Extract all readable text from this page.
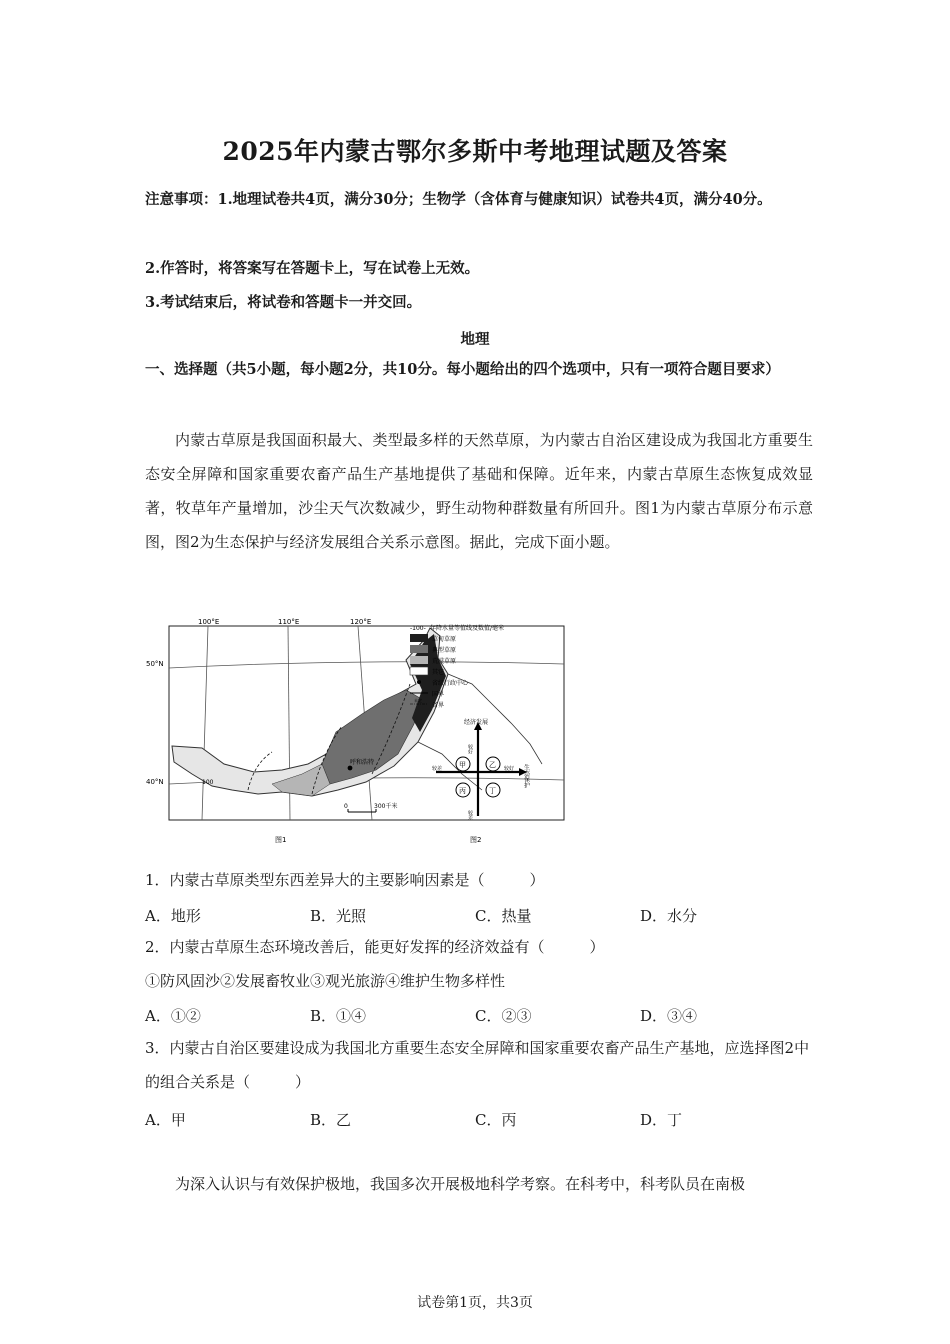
2025年内蒙古鄂尔多斯中考地理试题及答案
注意事项：1.地理试卷共4页，满分30分；生物学（含体育与健康知识）试卷共4页，满分40分。
2.作答时，将答案写在答题卡上，写在试卷上无效。
3.考试结束后，将试卷和答题卡一并交回。
地理
一、选择题（共5小题，每小题2分，共10分。每小题给出的四个选项中，只有一项符合题目要求）
内蒙古草原是我国面积最大、类型最多样的天然草原，为内蒙古自治区建设成为我国北方重要生态安全屏障和国家重要农畜产品生产基地提供了基础和保障。近年来，内蒙古草原生态恢复成效显著，牧草年产量增加，沙尘天气次数减少，野生动物种群数量有所回升。图1为内蒙古草原分布示意图，图2为生态保护与经济发展组合关系示意图。据此，完成下面小题。
100°E	110°E	120°E
50°N
40°N	100
呼和浩特
0	300千米
-100- 年降水量等值线及数值/毫米
草甸草原
典型草原
荒漠草原
其它
省级行政中心
国界
未定
省界
图1
经济发展
生态保护
较好
较差
较差	较好
甲	乙
丙	丁
图2
1．内蒙古草原类型东西差异大的主要影响因素是（　　　）
A．地形	B．光照	C．热量	D．水分
2．内蒙古草原生态环境改善后，能更好发挥的经济效益有（　　　）
①防风固沙②发展畜牧业③观光旅游④维护生物多样性
A．①②	B．①④	C．②③	D．③④
3．内蒙古自治区要建设成为我国北方重要生态安全屏障和国家重要农畜产品生产基地，应选择图2中的组合关系是（　　　）
A．甲	B．乙	C．丙	D．丁
为深入认识与有效保护极地，我国多次开展极地科学考察。在科考中，科考队员在南极
试卷第1页，共3页
